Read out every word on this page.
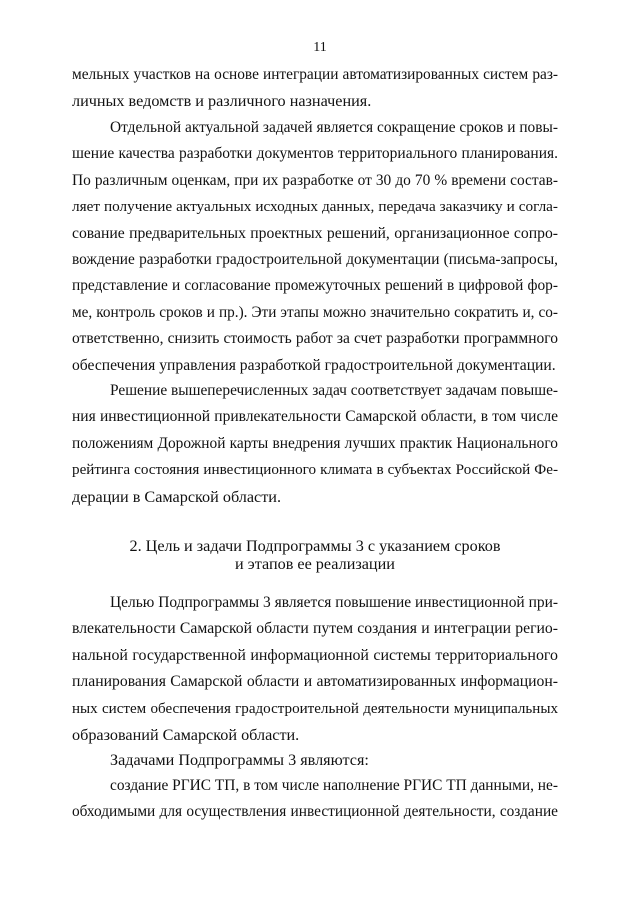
11
мельных участков на основе интеграции автоматизированных систем раз-
личных ведомств и различного назначения.
Отдельной актуальной задачей является сокращение сроков и повы-
шение качества разработки документов территориального планирования.
По различным оценкам, при их разработке от 30 до 70 % времени состав-
ляет получение актуальных исходных данных, передача заказчику и согла-
сование предварительных проектных решений, организационное сопро-
вождение разработки градостроительной документации (письма-запросы,
представление и согласование промежуточных решений в цифровой фор-
ме, контроль сроков и пр.). Эти этапы можно значительно сократить и, со-
ответственно, снизить стоимость работ за счет разработки программного
обеспечения управления разработкой градостроительной документации.
Решение вышеперечисленных задач соответствует задачам повыше-
ния инвестиционной привлекательности Самарской области, в том числе
положениям Дорожной карты внедрения лучших практик Национального
рейтинга состояния инвестиционного климата в субъектах Российской Фе-
дерации в Самарской области.
2. Цель и задачи Подпрограммы 3 с указанием сроков
и этапов ее реализации
Целью Подпрограммы 3 является повышение инвестиционной при-
влекательности Самарской области путем создания и интеграции регио-
нальной государственной информационной системы территориального
планирования Самарской области и автоматизированных информацион-
ных систем обеспечения градостроительной деятельности муниципальных
образований Самарской области.
Задачами Подпрограммы 3 являются:
создание РГИС ТП, в том числе наполнение РГИС ТП данными, не-
обходимыми для осуществления инвестиционной деятельности, создание
